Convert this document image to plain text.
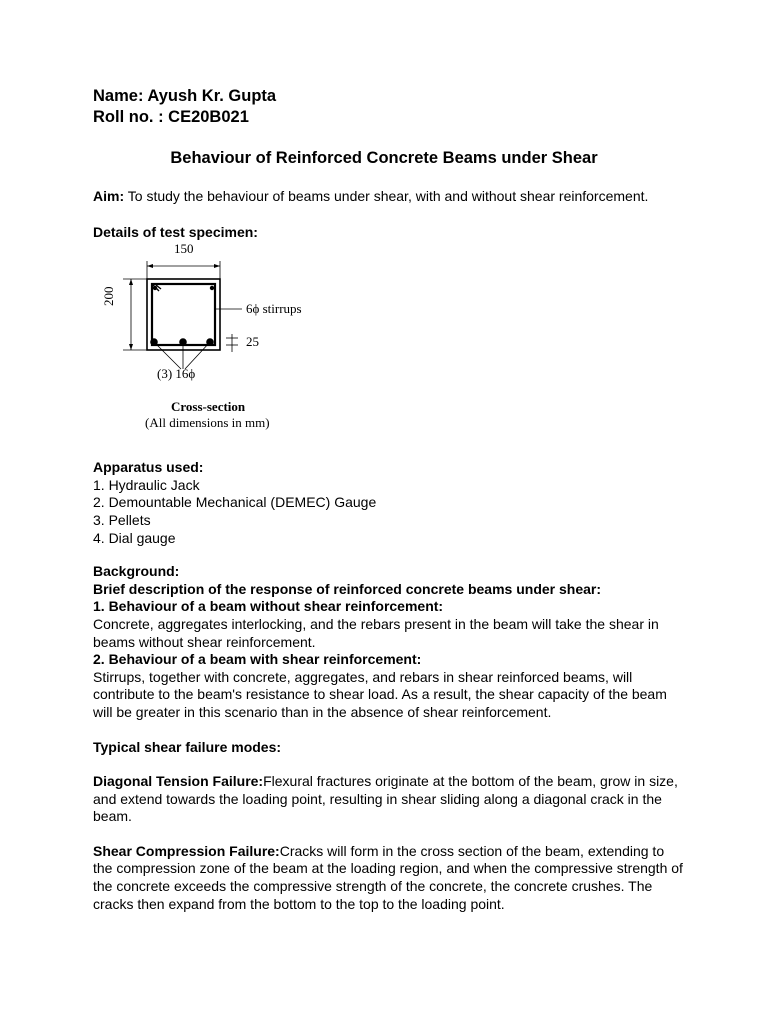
Name: Ayush Kr. Gupta

Roll no. : CE20B021

Behaviour of Reinforced Concrete Beams under Shear

Aim: To study the behaviour of beams under shear, with and without shear reinforcement.

Details of test specimen:

150
200
6ϕ stirrups
25
(3) 16ϕ
Cross-section
(All dimensions in mm)

Apparatus used:

1. Hydraulic Jack

2. Demountable Mechanical (DEMEC) Gauge

3. Pellets

4. Dial gauge

Background:

Brief description of the response of reinforced concrete beams under shear:

1. Behaviour of a beam without shear reinforcement:

Concrete, aggregates interlocking, and the rebars present in the beam will take the shear in beams without shear reinforcement.

2. Behaviour of a beam with shear reinforcement:

Stirrups, together with concrete, aggregates, and rebars in shear reinforced beams, will contribute to the beam's resistance to shear load. As a result, the shear capacity of the beam will be greater in this scenario than in the absence of shear reinforcement.

Typical shear failure modes:

Diagonal Tension Failure:Flexural fractures originate at the bottom of the beam, grow in size, and extend towards the loading point, resulting in shear sliding along a diagonal crack in the beam.

Shear Compression Failure:Cracks will form in the cross section of the beam, extending to the compression zone of the beam at the loading region, and when the compressive strength of the concrete exceeds the compressive strength of the concrete, the concrete crushes. The cracks then expand from the bottom to the top to the loading point.
